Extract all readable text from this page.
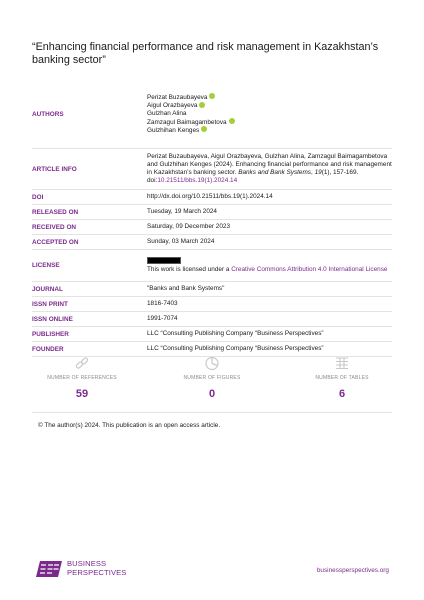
“Enhancing financial performance and risk management in Kazakhstan’s banking sector”
AUTHORS
Perizat Buzaubayeva
Aigul Orazbayeva
Gulzhan Alina
Zamzagul Baimagambetova
Gulzhihan Kenges
ARTICLE INFO
Perizat Buzaubayeva, Aigul Orazbayeva, Gulzhan Alina, Zamzagul Baimagambetova and Gulzhihan Kenges (2024). Enhancing financial performance and risk management in Kazakhstan’s banking sector. Banks and Bank Systems, 19(1), 157-169. doi:10.21511/bbs.19(1).2024.14
DOI	http://dx.doi.org/10.21511/bbs.19(1).2024.14
RELEASED ON	Tuesday, 19 March 2024
RECEIVED ON	Saturday, 09 December 2023
ACCEPTED ON	Sunday, 03 March 2024
LICENSE
This work is licensed under a Creative Commons Attribution 4.0 International License
JOURNAL	"Banks and Bank Systems"
ISSN PRINT	1816-7403
ISSN ONLINE	1991-7074
PUBLISHER	LLC “Consulting Publishing Company “Business Perspectives”
FOUNDER	LLC “Consulting Publishing Company “Business Perspectives”
NUMBER OF REFERENCES
59
NUMBER OF FIGURES
0
NUMBER OF TABLES
6
© The author(s) 2024. This publication is an open access article.
BUSINESS
PERSPECTIVES	businessperspectives.org
